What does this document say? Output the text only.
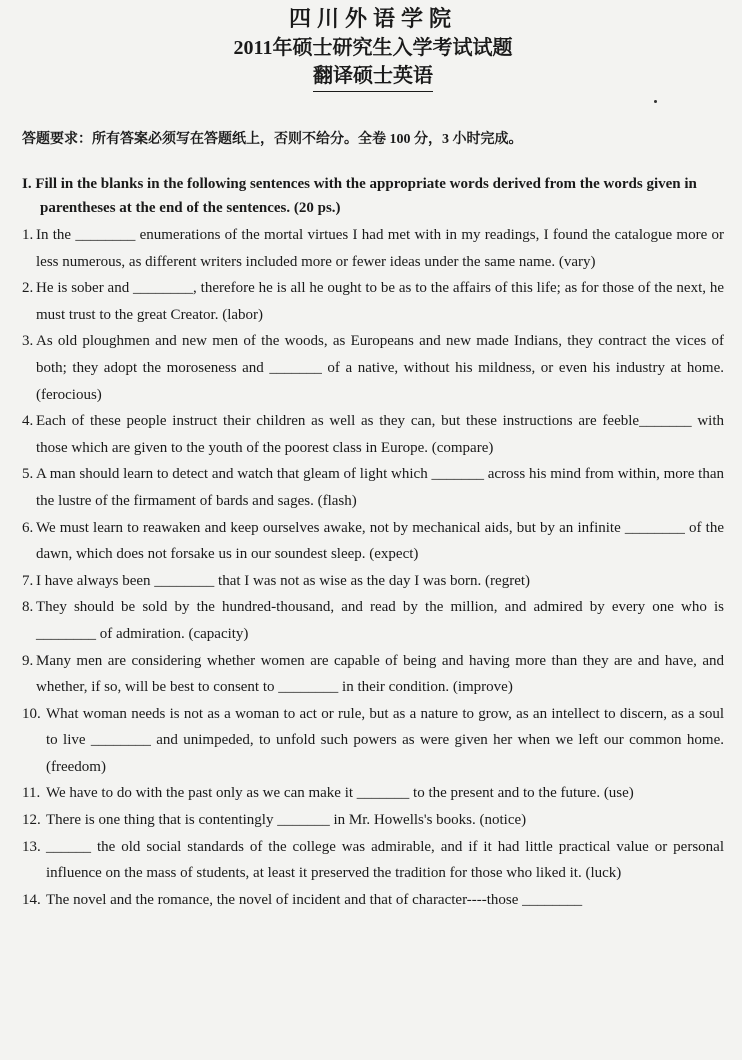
四川外语学院
2011年硕士研究生入学考试试题
翻译硕士英语
答题要求：所有答案必须写在答题纸上，否则不给分。全卷 100 分，3 小时完成。
I. Fill in the blanks in the following sentences with the appropriate words derived from the words given in parentheses at the end of the sentences. (20 ps.)
1. In the ________ enumerations of the mortal virtues I had met with in my readings, I found the catalogue more or less numerous, as different writers included more or fewer ideas under the same name. (vary)
2. He is sober and ________, therefore he is all he ought to be as to the affairs of this life; as for those of the next, he must trust to the great Creator. (labor)
3. As old ploughmen and new men of the woods, as Europeans and new made Indians, they contract the vices of both; they adopt the moroseness and _______ of a native, without his mildness, or even his industry at home. (ferocious)
4. Each of these people instruct their children as well as they can, but these instructions are feeble_______ with those which are given to the youth of the poorest class in Europe. (compare)
5. A man should learn to detect and watch that gleam of light which _______ across his mind from within, more than the lustre of the firmament of bards and sages. (flash)
6. We must learn to reawaken and keep ourselves awake, not by mechanical aids, but by an infinite ________ of the dawn, which does not forsake us in our soundest sleep. (expect)
7. I have always been ________ that I was not as wise as the day I was born. (regret)
8. They should be sold by the hundred-thousand, and read by the million, and admired by every one who is ________ of admiration. (capacity)
9. Many men are considering whether women are capable of being and having more than they are and have, and whether, if so, will be best to consent to ________ in their condition. (improve)
10. What woman needs is not as a woman to act or rule, but as a nature to grow, as an intellect to discern, as a soul to live ________ and unimpeded, to unfold such powers as were given her when we left our common home. (freedom)
11. We have to do with the past only as we can make it _______ to the present and to the future. (use)
12. There is one thing that is contentingly _______ in Mr. Howells's books. (notice)
13. ______ the old social standards of the college was admirable, and if it had little practical value or personal influence on the mass of students, at least it preserved the tradition for those who liked it. (luck)
14. The novel and the romance, the novel of incident and that of character----those ________
